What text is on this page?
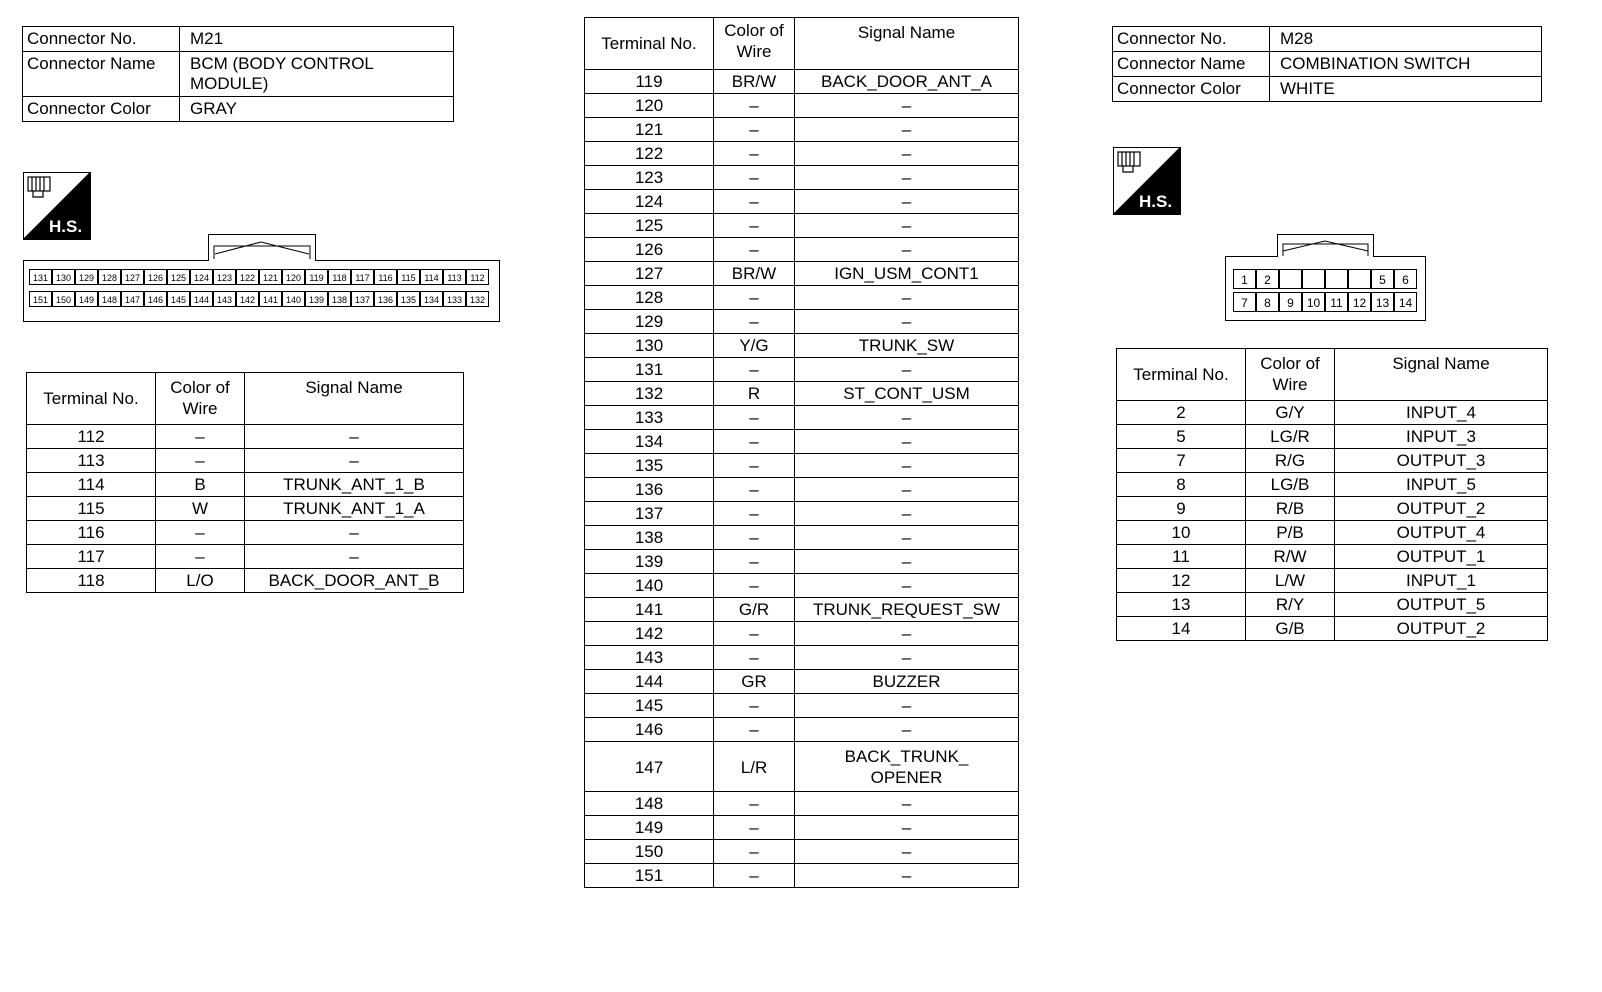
Connector No.	M21
Connector Name	BCM (BODY CONTROL MODULE)
Connector Color	GRAY
H.S.
131 130 129 128 127 126 125 124 123 122 121 120 119 118 117 116 115 114 113 112
151 150 149 148 147 146 145 144 143 142 141 140 139 138 137 136 135 134 133 132
Terminal No.	Color of Wire	Signal Name
112	–	–
113	–	–
114	B	TRUNK_ANT_1_B
115	W	TRUNK_ANT_1_A
116	–	–
117	–	–
118	L/O	BACK_DOOR_ANT_B
Terminal No.	Color of Wire	Signal Name
119	BR/W	BACK_DOOR_ANT_A
120	–	–
121	–	–
122	–	–
123	–	–
124	–	–
125	–	–
126	–	–
127	BR/W	IGN_USM_CONT1
128	–	–
129	–	–
130	Y/G	TRUNK_SW
131	–	–
132	R	ST_CONT_USM
133	–	–
134	–	–
135	–	–
136	–	–
137	–	–
138	–	–
139	–	–
140	–	–
141	G/R	TRUNK_REQUEST_SW
142	–	–
143	–	–
144	GR	BUZZER
145	–	–
146	–	–
147	L/R	BACK_TRUNK_
OPENER
148	–	–
149	–	–
150	–	–
151	–	–
Connector No.	M28
Connector Name	COMBINATION SWITCH
Connector Color	WHITE
H.S.
1	2	5	6
7	8	9	10 11 12 13 14
Terminal No.	Color of Wire	Signal Name
2	G/Y	INPUT_4
5	LG/R	INPUT_3
7	R/G	OUTPUT_3
8	LG/B	INPUT_5
9	R/B	OUTPUT_2
10	P/B	OUTPUT_4
11	R/W	OUTPUT_1
12	L/W	INPUT_1
13	R/Y	OUTPUT_5
14	G/B	OUTPUT_2
